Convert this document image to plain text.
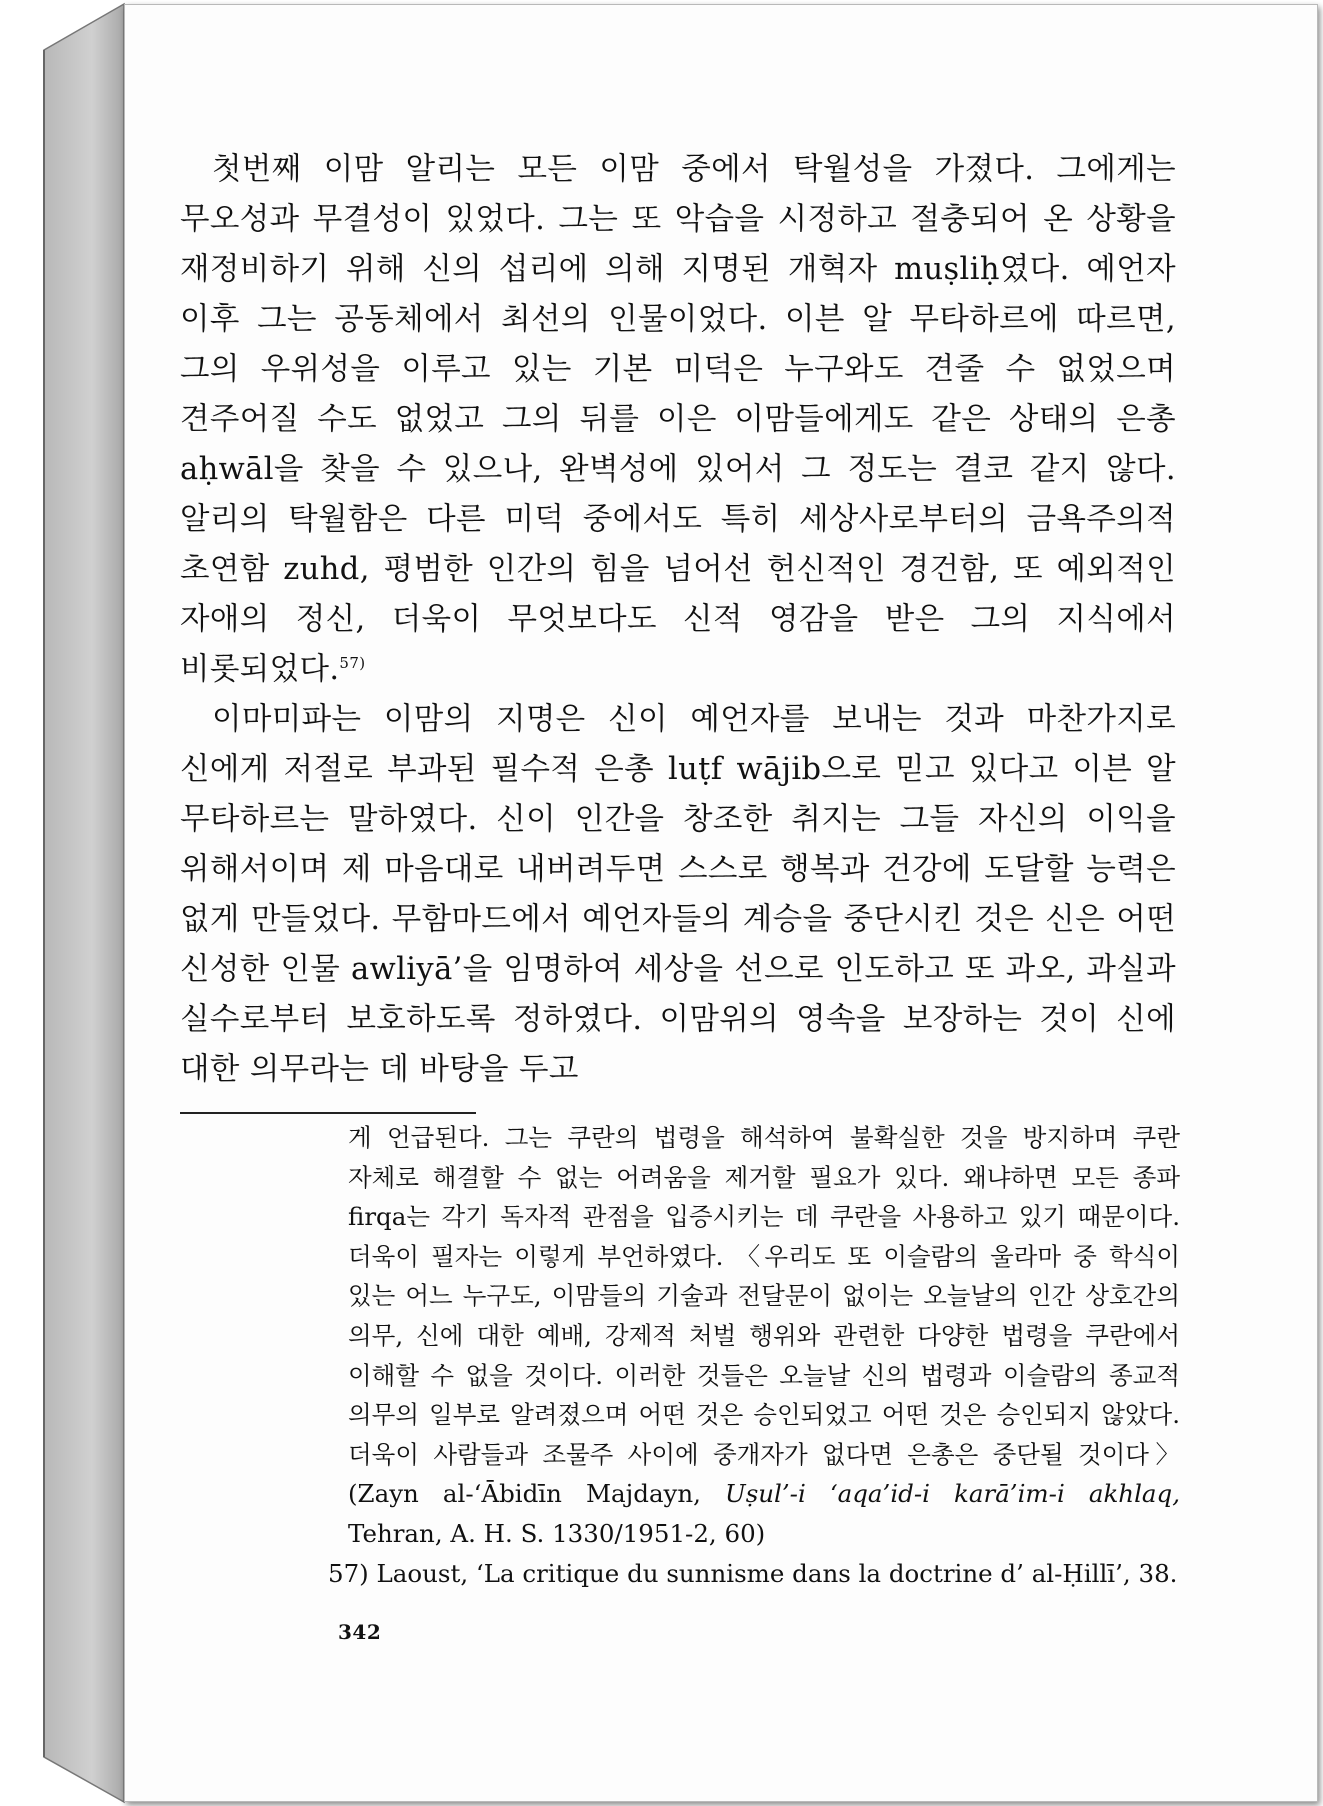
첫번째 이맘 알리는 모든 이맘 중에서 탁월성을 가졌다. 그에게는 무오성과 무결성이 있었다. 그는 또 악습을 시정하고 절충되어 온 상황을 재정비하기 위해 신의 섭리에 의해 지명된 개혁자 muṣliḥ였다. 예언자 이후 그는 공동체에서 최선의 인물이었다. 이븐 알 무타하르에 따르면, 그의 우위성을 이루고 있는 기본 미덕은 누구와도 견줄 수 없었으며 견주어질 수도 없었고 그의 뒤를 이은 이맘들에게도 같은 상태의 은총 aḥwāl을 찾을 수 있으나, 완벽성에 있어서 그 정도는 결코 같지 않다. 알리의 탁월함은 다른 미덕 중에서도 특히 세상사로부터의 금욕주의적 초연함 zuhd, 평범한 인간의 힘을 넘어선 헌신적인 경건함, 또 예외적인 자애의 정신, 더욱이 무엇보다도 신적 영감을 받은 그의 지식에서 비롯되었다.$^{57)}$

이마미파는 이맘의 지명은 신이 예언자를 보내는 것과 마찬가지로 신에게 저절로 부과된 필수적 은총 luṭf wājib으로 믿고 있다고 이븐 알 무타하르는 말하였다. 신이 인간을 창조한 취지는 그들 자신의 이익을 위해서이며 제 마음대로 내버려두면 스스로 행복과 건강에 도달할 능력은 없게 만들었다. 무함마드에서 예언자들의 계승을 중단시킨 것은 신은 어떤 신성한 인물 awliyā’을 임명하여 세상을 선으로 인도하고 또 과오, 과실과 실수로부터 보호하도록 정하였다. 이맘위의 영속을 보장하는 것이 신에 대한 의무라는 데 바탕을 두고

게 언급된다. 그는 쿠란의 법령을 해석하여 불확실한 것을 방지하며 쿠란 자체로 해결할 수 없는 어려움을 제거할 필요가 있다. 왜냐하면 모든 종파 firqa는 각기 독자적 관점을 입증시키는 데 쿠란을 사용하고 있기 때문이다. 더욱이 필자는 이렇게 부언하였다. 〈우리도 또 이슬람의 울라마 중 학식이 있는 어느 누구도, 이맘들의 기술과 전달문이 없이는 오늘날의 인간 상호간의 의무, 신에 대한 예배, 강제적 처벌 행위와 관련한 다양한 법령을 쿠란에서 이해할 수 없을 것이다. 이러한 것들은 오늘날 신의 법령과 이슬람의 종교적 의무의 일부로 알려졌으며 어떤 것은 승인되었고 어떤 것은 승인되지 않았다. 더욱이 사람들과 조물주 사이에 중개자가 없다면 은총은 중단될 것이다〉(Zayn al-‘Ābidīn Majdayn, Uṣul’-i ‘aqa’id-i karā’im-i akhlaq, Tehran, A. H. S. 1330/1951-2, 60)

57) Laoust, ‘La critique du sunnisme dans la doctrine d’ al-Ḥillī’, 38.

342
